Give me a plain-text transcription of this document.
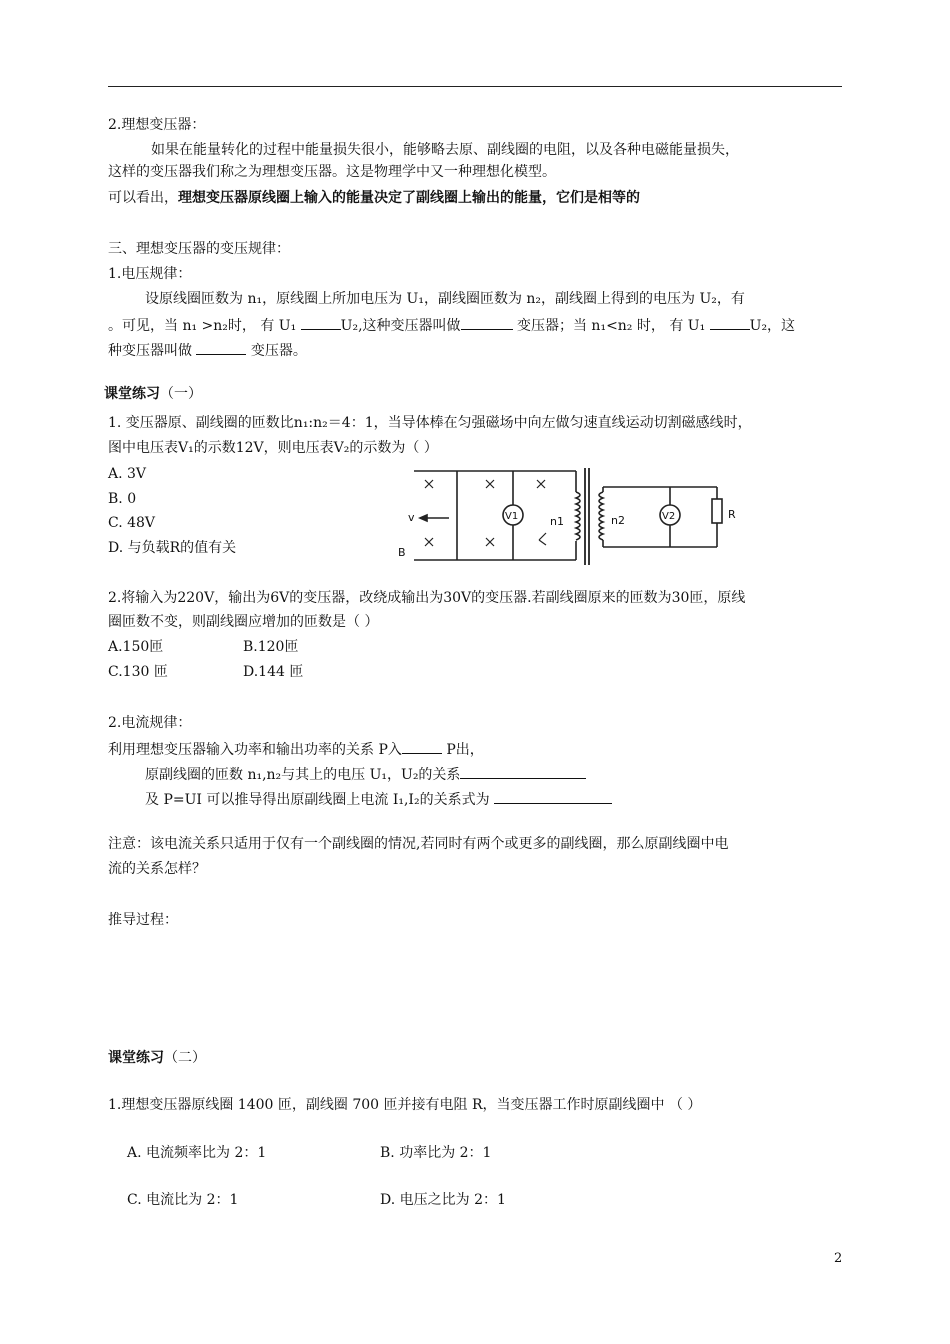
2.理想变压器：
如果在能量转化的过程中能量损失很小，能够略去原、副线圈的电阻，以及各种电磁能量损失，
这样的变压器我们称之为理想变压器。这是物理学中又一种理想化模型。
可以看出，理想变压器原线圈上输入的能量决定了副线圈上输出的能量，它们是相等的
三、理想变压器的变压规律：
1.电压规律：
设原线圈匝数为 n₁，原线圈上所加电压为 U₁，副线圈匝数为 n₂，副线圈上得到的电压为 U₂，有
。可见，当 n₁ >n₂时， 有 U₁	U₂,这种变压器叫做	变压器；当 n₁<n₂ 时， 有 U₁	U₂，这
种变压器叫做	变压器。
课堂练习（一）
1. 变压器原、副线圈的匝数比n₁:n₂＝4：1，当导体棒在匀强磁场中向左做匀速直线运动切割磁感线时，
图中电压表V₁的示数12V，则电压表V₂的示数为（ ）
A. 3V
B. 0
C. 48V
D. 与负载R的值有关
v
B
V1	n1	n2	V2	R
2.将输入为220V，输出为6V的变压器，改绕成输出为30V的变压器.若副线圈原来的匝数为30匝，原线
圈匝数不变，则副线圈应增加的匝数是（ ）
A.150匝	B.120匝
C.130 匝	D.144 匝
2.电流规律：
利用理想变压器输入功率和输出功率的关系 P入	P出，
原副线圈的匝数 n₁,n₂与其上的电压 U₁，U₂的关系
及 P=UI 可以推导得出原副线圈上电流 I₁,I₂的关系式为
注意：该电流关系只适用于仅有一个副线圈的情况,若同时有两个或更多的副线圈，那么原副线圈中电
流的关系怎样？
推导过程：
课堂练习（二）
1.理想变压器原线圈 1400 匝，副线圈 700 匝并接有电阻 R，当变压器工作时原副线圈中 （ ）
A. 电流频率比为 2：1	B. 功率比为 2：1
C. 电流比为 2：1	D. 电压之比为 2：1
2
